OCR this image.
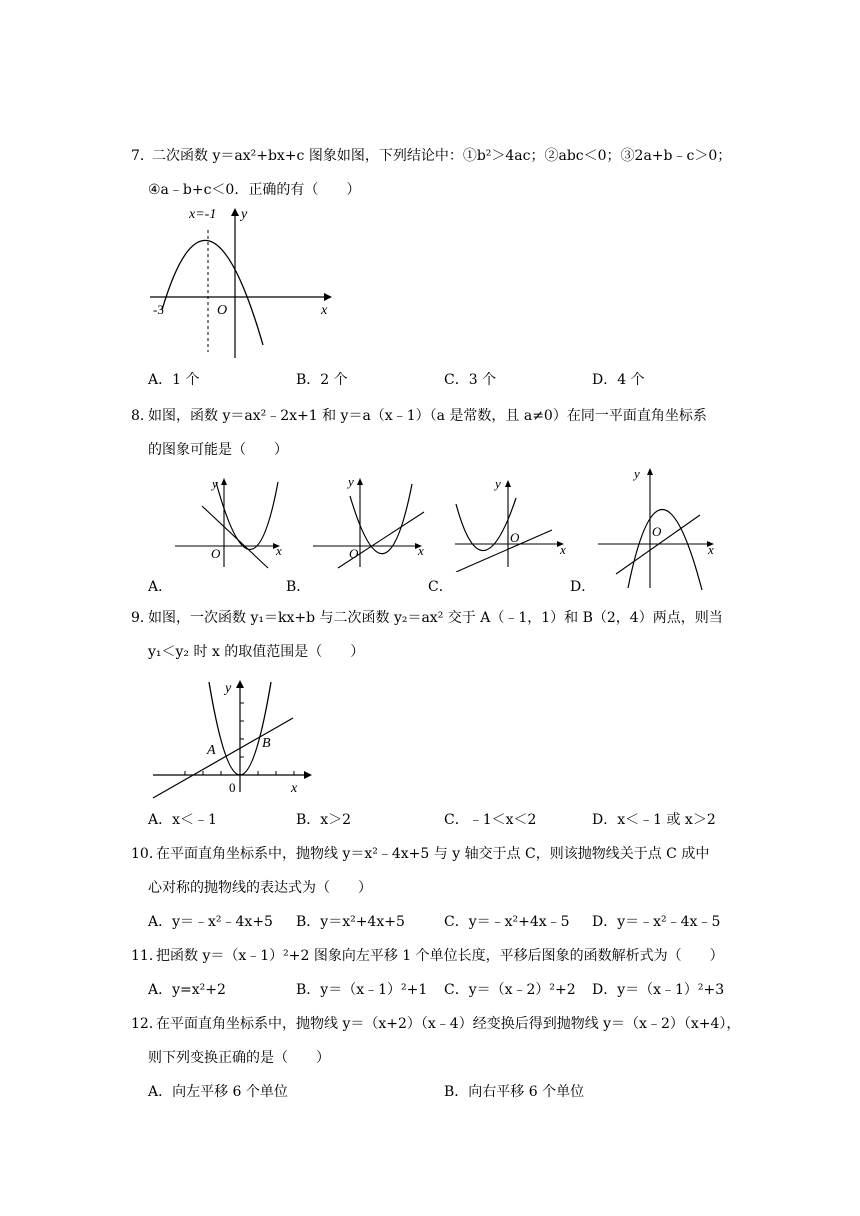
7．
二次函数 y＝ax²+bx+c 图象如图，下列结论中：①b²＞4ac；②abc＜0；③2a+b﹣c＞0；
④a﹣b+c＜0．正确的有（　　）
x=-1 y
x
O
-3
A．1 个	B．2 个	C．3 个	D．4 个
8．
如图，函数 y＝ax²﹣2x+1 和 y＝a（x﹣1）（a 是常数，且 a≠0）在同一平面直角坐标系
的图象可能是（　　）
y
x
O
y
x
O
y
x
O
y
x
O
A．	B．	C．	D．
9．
如图，一次函数 y₁＝kx+b 与二次函数 y₂＝ax² 交于 A（﹣1，1）和 B（2，4）两点，则当
y₁＜y₂ 时 x 的取值范围是（　　）
y
x
0
A	B
A．x＜﹣1	B．x＞2	C．﹣1＜x＜2	D．x＜﹣1 或 x＞2
10．
在平面直角坐标系中，抛物线 y＝x²﹣4x+5 与 y 轴交于点 C，则该抛物线关于点 C 成中
心对称的抛物线的表达式为（　　）
A．y＝﹣x²﹣4x+5 B．y＝x²+4x+5	C．y＝﹣x²+4x﹣5 D．y＝﹣x²﹣4x﹣5
11．
把函数 y＝（x﹣1）²+2 图象向左平移 1 个单位长度，平移后图象的函数解析式为（　　）
A．y=x²+2	B．y＝（x﹣1）²+1 C．y＝（x﹣2）²+2 D．y＝（x﹣1）²+3
12．
在平面直角坐标系中，抛物线 y＝（x+2）（x﹣4）经变换后得到抛物线 y＝（x﹣2）（x+4），
则下列变换正确的是（　　）
A．向左平移 6 个单位	B．向右平移 6 个单位
